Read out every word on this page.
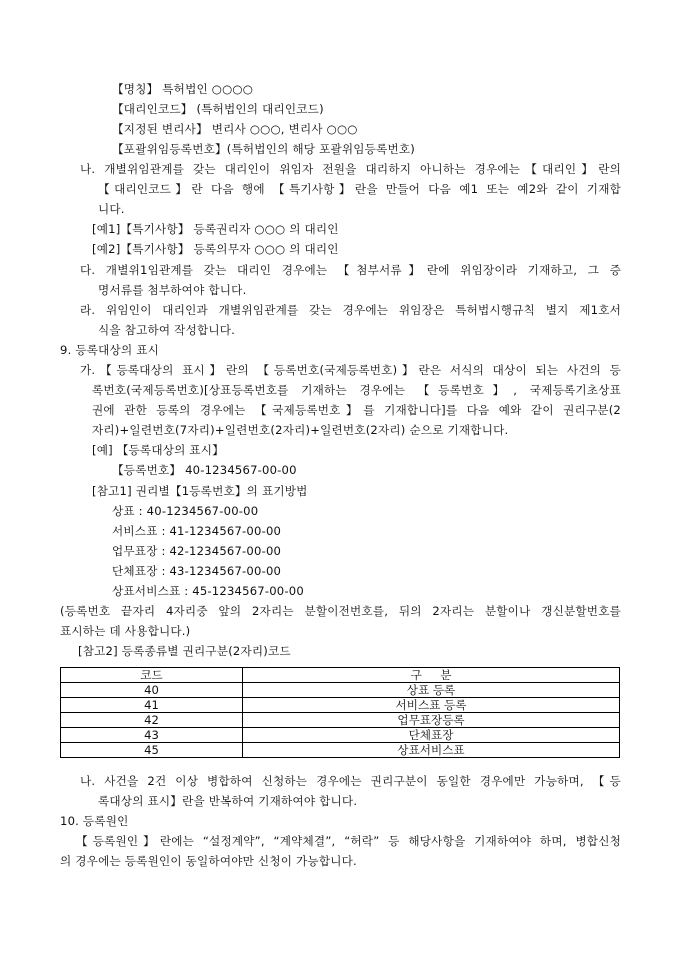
【명칭】 특허법인 ○○○○

【대리인코드】 (특허법인의 대리인코드)

【지정된 변리사】 변리사 ○○○, 변리사 ○○○

【포괄위임등록번호】(특허법인의 해당 포괄위임등록번호)

나. 개별위임관계를 갖는 대리인이 위임자 전원을 대리하지 아니하는 경우에는【대리인】란의

【대리인코드】란 다음 행에 【특기사항】란을 만들어 다음 예1 또는 예2와 같이 기재합

니다.

[예1]【특기사항】 등록권리자 ○○○ 의 대리인

[예2]【특기사항】 등록의무자 ○○○ 의 대리인

다. 개별위1임관계를 갖는 대리인 경우에는 【첨부서류】란에 위임장이라 기재하고, 그 증

명서류를 첨부하여야 합니다.

라. 위임인이 대리인과 개별위임관계를 갖는 경우에는 위임장은 특허법시행규칙 별지 제1호서

식을 참고하여 작성합니다.

9. 등록대상의 표시

가.【등록대상의 표시】란의 【등록번호(국제등록번호)】란은 서식의 대상이 되는 사건의 등

록번호(국제등록번호)[상표등록번호를 기재하는 경우에는 【등록번호】, 국제등록기초상표

권에 관한 등록의 경우에는 【국제등록번호】를 기재합니다]를 다음 예와 같이 권리구분(2

자리)+일련번호(7자리)+일련번호(2자리)+일련번호(2자리) 순으로 기재합니다.

[예] 【등록대상의 표시】

【등록번호】 40-1234567-00-00

[참고1] 권리별【1등록번호】의 표기방법

상표 : 40-1234567-00-00

서비스표 : 41-1234567-00-00

업무표장 : 42-1234567-00-00

단체표장 : 43-1234567-00-00

상표서비스표 : 45-1234567-00-00

(등록번호 끝자리 4자리중 앞의 2자리는 분할이전번호를, 뒤의 2자리는 분할이나 갱신분할번호를

표시하는 데 사용합니다.)

[참고2] 등록종류별 권리구분(2자리)코드

코드	구     분
40	상표 등록
41	서비스표 등록
42	업무표장등록
43	단체표장
45	상표서비스표

나. 사건을 2건 이상 병합하여 신청하는 경우에는 권리구분이 동일한 경우에만 가능하며, 【등

록대상의 표시】란을 반복하여 기재하여야 합니다.

10. 등록원인

【등록원인】란에는 “설정계약”, “계약체결”, “허락” 등 해당사항을 기재하여야 하며, 병합신청

의 경우에는 등록원인이 동일하여야만 신청이 가능합니다.
